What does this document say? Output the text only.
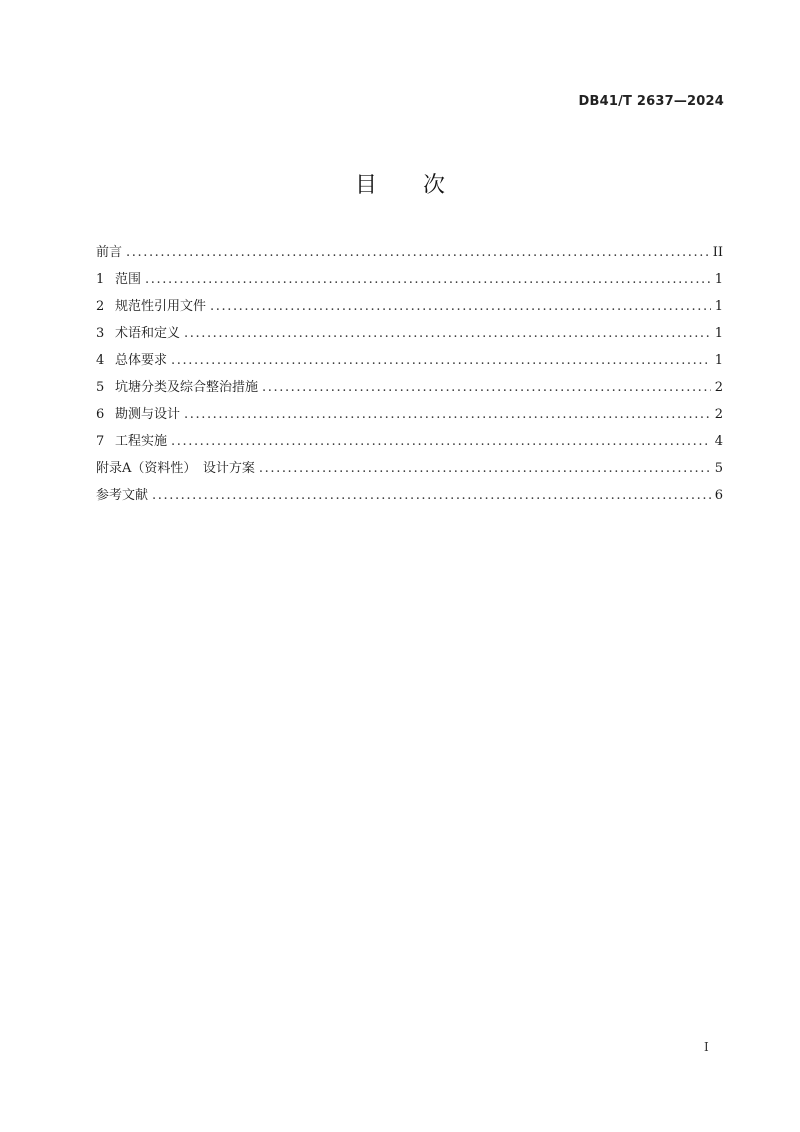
DB41/T 2637—2024
目 次
前言 .....	II
1 范围 .....	1
2 规范性引用文件 .....	1
3 术语和定义 .....	1
4 总体要求 .....	1
5 坑塘分类及综合整治措施 .....	2
6 勘测与设计 .....	2
7 工程实施 .....	4
附录A（资料性）　设计方案 .....	5
参考文献 .....	6
I
